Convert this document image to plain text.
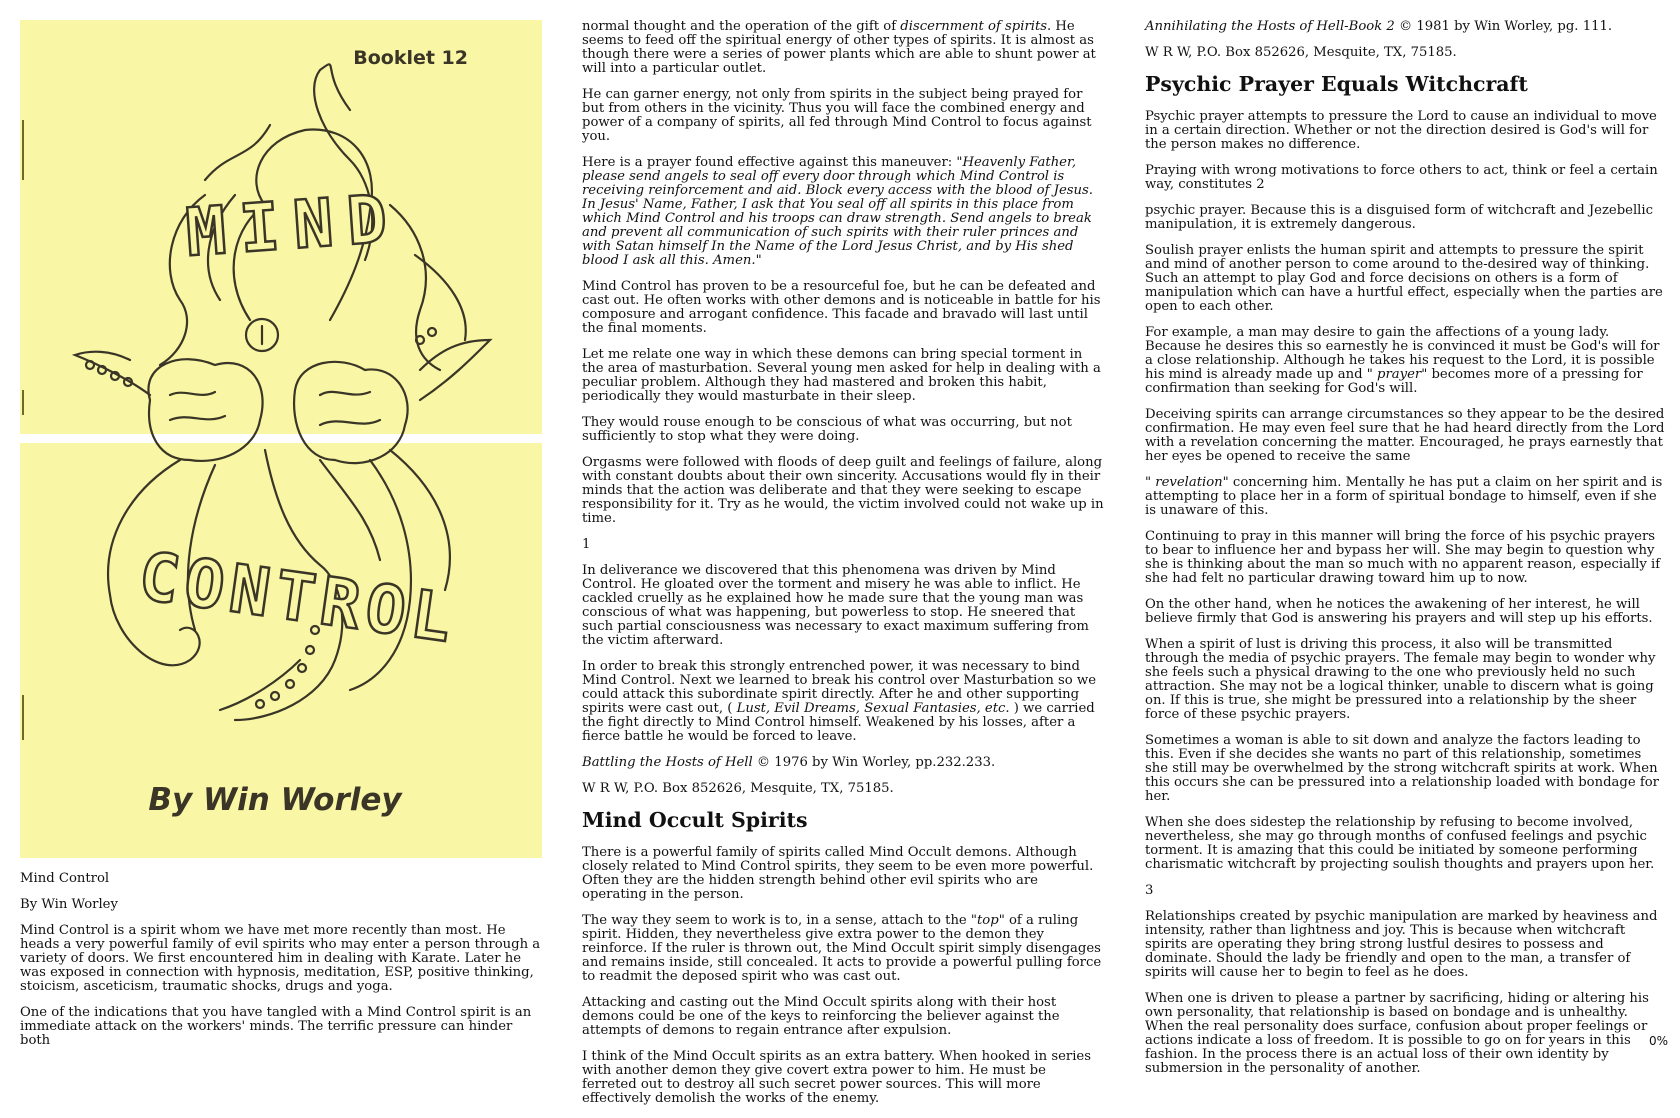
Booklet 12
MIND
CONTROL
By Win Worley

Mind Control

By Win Worley

Mind Control is a spirit whom we have met more recently than most. He heads a very powerful family of evil spirits who may enter a person through a variety of doors. We first encountered him in dealing with Karate. Later he was exposed in connection with hypnosis, meditation, ESP, positive thinking, stoicism, asceticism, traumatic shocks, drugs and yoga.

One of the indications that you have tangled with a Mind Control spirit is an immediate attack on the workers' minds. The terrific pressure can hinder both

normal thought and the operation of the gift of discernment of spirits. He seems to feed off the spiritual energy of other types of spirits. It is almost as though there were a series of power plants which are able to shunt power at will into a particular outlet.

He can garner energy, not only from spirits in the subject being prayed for but from others in the vicinity. Thus you will face the combined energy and power of a company of spirits, all fed through Mind Control to focus against you.

Here is a prayer found effective against this maneuver: "Heavenly Father, please send angels to seal off every door through which Mind Control is receiving reinforcement and aid. Block every access with the blood of Jesus. In Jesus' Name, Father, I ask that You seal off all spirits in this place from which Mind Control and his troops can draw strength. Send angels to break and prevent all communication of such spirits with their ruler princes and with Satan himself In the Name of the Lord Jesus Christ, and by His shed blood I ask all this. Amen."

Mind Control has proven to be a resourceful foe, but he can be defeated and cast out. He often works with other demons and is noticeable in battle for his composure and arrogant confidence. This facade and bravado will last until the final moments.

Let me relate one way in which these demons can bring special torment in the area of masturbation. Several young men asked for help in dealing with a peculiar problem. Although they had mastered and broken this habit, periodically they would masturbate in their sleep.

They would rouse enough to be conscious of what was occurring, but not sufficiently to stop what they were doing.

Orgasms were followed with floods of deep guilt and feelings of failure, along with constant doubts about their own sincerity. Accusations would fly in their minds that the action was deliberate and that they were seeking to escape responsibility for it. Try as he would, the victim involved could not wake up in time.

1

In deliverance we discovered that this phenomena was driven by Mind Control. He gloated over the torment and misery he was able to inflict. He cackled cruelly as he explained how he made sure that the young man was conscious of what was happening, but powerless to stop. He sneered that such partial consciousness was necessary to exact maximum suffering from the victim afterward.

In order to break this strongly entrenched power, it was necessary to bind Mind Control. Next we learned to break his control over Masturbation so we could attack this subordinate spirit directly. After he and other supporting spirits were cast out, ( Lust, Evil Dreams, Sexual Fantasies, etc. ) we carried the fight directly to Mind Control himself. Weakened by his losses, after a fierce battle he would be forced to leave.

Battling the Hosts of Hell © 1976 by Win Worley, pp.232.233.

W R W, P.O. Box 852626, Mesquite, TX, 75185.

Mind Occult Spirits

There is a powerful family of spirits called Mind Occult demons. Although closely related to Mind Control spirits, they seem to be even more powerful. Often they are the hidden strength behind other evil spirits who are operating in the person.

The way they seem to work is to, in a sense, attach to the "top" of a ruling spirit. Hidden, they nevertheless give extra power to the demon they reinforce. If the ruler is thrown out, the Mind Occult spirit simply disengages and remains inside, still concealed. It acts to provide a powerful pulling force to readmit the deposed spirit who was cast out.

Attacking and casting out the Mind Occult spirits along with their host demons could be one of the keys to reinforcing the believer against the attempts of demons to regain entrance after expulsion.

I think of the Mind Occult spirits as an extra battery. When hooked in series with another demon they give covert extra power to him. He must be ferreted out to destroy all such secret power sources. This will more effectively demolish the works of the enemy.

Annihilating the Hosts of Hell-Book 2 © 1981 by Win Worley, pg. 111.

W R W, P.O. Box 852626, Mesquite, TX, 75185.

Psychic Prayer Equals Witchcraft

Psychic prayer attempts to pressure the Lord to cause an individual to move in a certain direction. Whether or not the direction desired is God's will for the person makes no difference.

Praying with wrong motivations to force others to act, think or feel a certain way, constitutes 2

psychic prayer. Because this is a disguised form of witchcraft and Jezebellic manipulation, it is extremely dangerous.

Soulish prayer enlists the human spirit and attempts to pressure the spirit and mind of another person to come around to the-desired way of thinking. Such an attempt to play God and force decisions on others is a form of manipulation which can have a hurtful effect, especially when the parties are open to each other.

For example, a man may desire to gain the affections of a young lady. Because he desires this so earnestly he is convinced it must be God's will for a close relationship. Although he takes his request to the Lord, it is possible his mind is already made up and " prayer" becomes more of a pressing for confirmation than seeking for God's will.

Deceiving spirits can arrange circumstances so they appear to be the desired confirmation. He may even feel sure that he had heard directly from the Lord with a revelation concerning the matter. Encouraged, he prays earnestly that her eyes be opened to receive the same

" revelation" concerning him. Mentally he has put a claim on her spirit and is attempting to place her in a form of spiritual bondage to himself, even if she is unaware of this.

Continuing to pray in this manner will bring the force of his psychic prayers to bear to influence her and bypass her will. She may begin to question why she is thinking about the man so much with no apparent reason, especially if she had felt no particular drawing toward him up to now.

On the other hand, when he notices the awakening of her interest, he will believe firmly that God is answering his prayers and will step up his efforts.

When a spirit of lust is driving this process, it also will be transmitted through the media of psychic prayers. The female may begin to wonder why she feels such a physical drawing to the one who previously held no such attraction. She may not be a logical thinker, unable to discern what is going on. If this is true, she might be pressured into a relationship by the sheer force of these psychic prayers.

Sometimes a woman is able to sit down and analyze the factors leading to this. Even if she decides she wants no part of this relationship, sometimes she still may be overwhelmed by the strong witchcraft spirits at work. When this occurs she can be pressured into a relationship loaded with bondage for her.

When she does sidestep the relationship by refusing to become involved, nevertheless, she may go through months of confused feelings and psychic torment. It is amazing that this could be initiated by someone performing charismatic witchcraft by projecting soulish thoughts and prayers upon her.

3

Relationships created by psychic manipulation are marked by heaviness and intensity, rather than lightness and joy. This is because when witchcraft spirits are operating they bring strong lustful desires to possess and dominate. Should the lady be friendly and open to the man, a transfer of spirits will cause her to begin to feel as he does.

When one is driven to please a partner by sacrificing, hiding or altering his own personality, that relationship is based on bondage and is unhealthy. When the real personality does surface, confusion about proper feelings or actions indicate a loss of freedom. It is possible to go on for years in this fashion. In the process there is an actual loss of their own identity by submersion in the personality of another.

0%
